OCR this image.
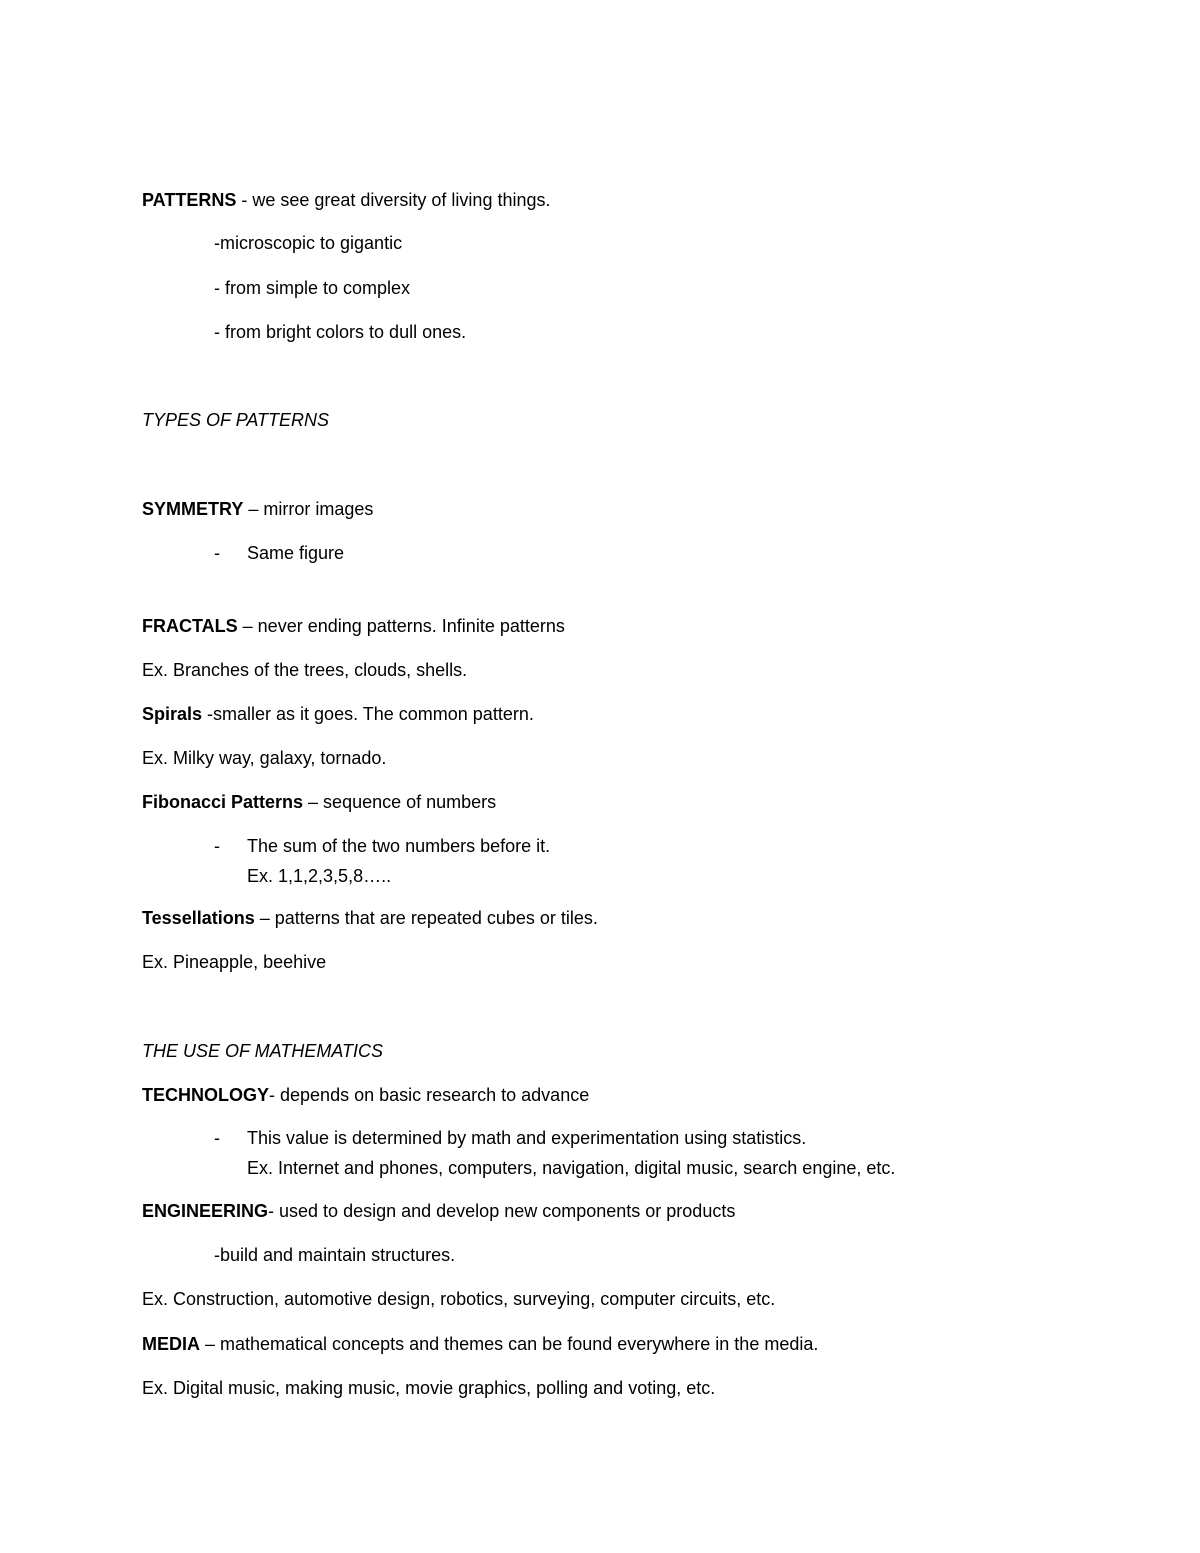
PATTERNS - we see great diversity of living things.
-microscopic to gigantic
- from simple to complex
- from bright colors to dull ones.
TYPES OF PATTERNS
SYMMETRY – mirror images
- Same figure
FRACTALS – never ending patterns. Infinite patterns
Ex. Branches of the trees, clouds, shells.
Spirals -smaller as it goes. The common pattern.
Ex. Milky way, galaxy, tornado.
Fibonacci Patterns – sequence of numbers
- The sum of the two numbers before it.
Ex. 1,1,2,3,5,8…..
Tessellations – patterns that are repeated cubes or tiles.
Ex. Pineapple, beehive
THE USE OF MATHEMATICS
TECHNOLOGY- depends on basic research to advance
- This value is determined by math and experimentation using statistics.
Ex. Internet and phones, computers, navigation, digital music, search engine, etc.
ENGINEERING- used to design and develop new components or products
-build and maintain structures.
Ex. Construction, automotive design, robotics, surveying, computer circuits, etc.
MEDIA – mathematical concepts and themes can be found everywhere in the media.
Ex. Digital music, making music, movie graphics, polling and voting, etc.
